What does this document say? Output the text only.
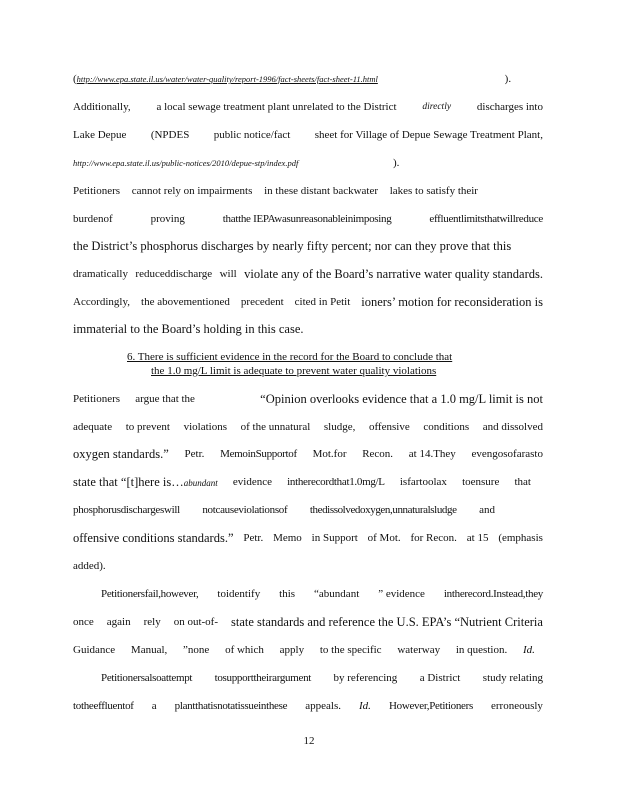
(http://www.epa.state.il.us/water/water-quality/report-1996/fact-sheets/fact-sheet-11.html	).
Additionally, a local sewage treatment plant unrelated to the District	directly discharges into
Lake Depue (NPDES public notice/fact sheet for Village of Depue Sewage Treatment Plant,
http://www.epa.state.il.us/public-notices/2010/depue-stp/index.pdf	).
Petitioners cannot rely on impairments in these distant backwater lakes to satisfy their
burdenof	proving	thatthe IEPAwasunreasonableinimposing	effluentlimitsthatwillreduce
the District’s phosphorus discharges by nearly fifty percent; nor can they prove that this
dramatically reduceddischarge will violate any of the Board’s narrative water quality standards.
Accordingly, the abovementioned precedent cited in Petit ioners’ motion for reconsideration is
immaterial to the Board’s holding in this case.
6. There is sufficient evidence in the record for the Board to conclude that
the 1.0 mg/L limit is adequate to prevent water quality violations
Petitioners argue that the	“Opinion overlooks evidence that a 1.0 mg/L limit is not
adequate to prevent violations of the unnatural sludge, offensive conditions and dissolved
oxygen standards.” Petr. MemoinSupportof Mot.for Recon. at 14.They evengosofarasto
state that “[t]here is…abundant evidence intherecordthat1.0mg/L isfartoolax toensure that
phosphorusdischargeswill notcauseviolationsof thedissolvedoxygen,unnaturalsludge and
offensive conditions standards.” Petr. Memo in Support of Mot. for Recon. at 15 (emphasis
added).
Petitionersfail,however, toidentify this “abundant ” evidence intherecord.Instead,they
once again rely on out-of- state standards and reference the U.S. EPA’s “Nutrient Criteria
Guidance Manual, ”none of which apply to the specific waterway in question. Id.
Petitionersalsoattempt tosupporttheirargument by referencing a District study relating
totheeffluentof a plantthatisnotatissueinthese appeals. Id. However,Petitioners erroneously
12
